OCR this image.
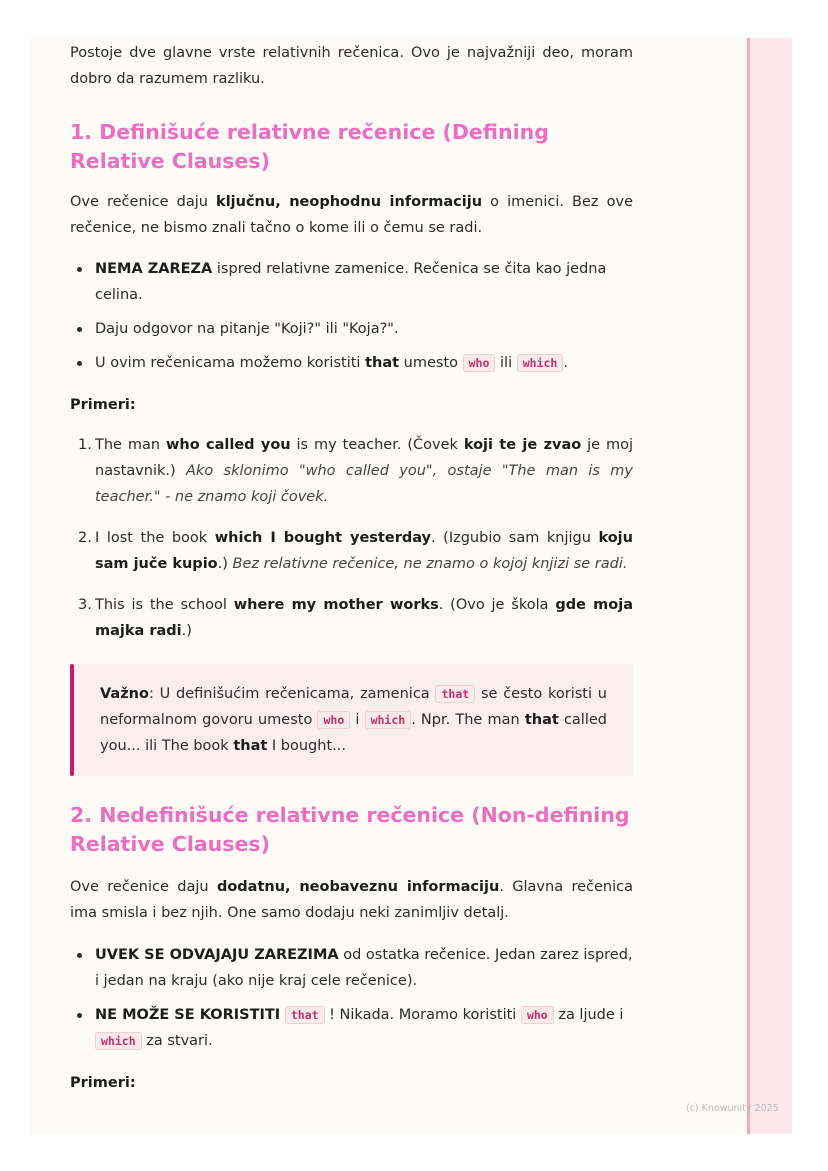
Postoje dve glavne vrste relativnih rečenica. Ovo je najvažniji deo, moram dobro da razumem razliku.

1. Definišuće relativne rečenice (Defining Relative Clauses)

Ove rečenice daju ključnu, neophodnu informaciju o imenici. Bez ove rečenice, ne bismo znali tačno o kome ili o čemu se radi.

NEMA ZAREZA ispred relativne zamenice. Rečenica se čita kao jedna celina.
Daju odgovor na pitanje "Koji?" ili "Koja?".
U ovim rečenicama možemo koristiti that umesto who ili which .

Primeri:

1. The man who called you is my teacher. (Čovek koji te je zvao je moj nastavnik.) Ako sklonimo "who called you", ostaje "The man is my teacher." - ne znamo koji čovek.
2. I lost the book which I bought yesterday. (Izgubio sam knjigu koju sam juče kupio.) Bez relativne rečenice, ne znamo o kojoj knjizi se radi.
3. This is the school where my mother works. (Ovo je škola gde moja majka radi.)

Važno: U definišućim rečenicama, zamenica that se često koristi u neformalnom govoru umesto who i which . Npr. The man that called you... ili The book that I bought...

2. Nedefinišuće relativne rečenice (Non-defining Relative Clauses)

Ove rečenice daju dodatnu, neobaveznu informaciju. Glavna rečenica ima smisla i bez njih. One samo dodaju neki zanimljiv detalj.

UVEK SE ODVAJAJU ZAREZIMA od ostatka rečenice. Jedan zarez ispred, i jedan na kraju (ako nije kraj cele rečenice).
NE MOŽE SE KORISTITI that ! Nikada. Moramo koristiti who za ljude i which za stvari.

Primeri:

(c) Knowunity 2025
